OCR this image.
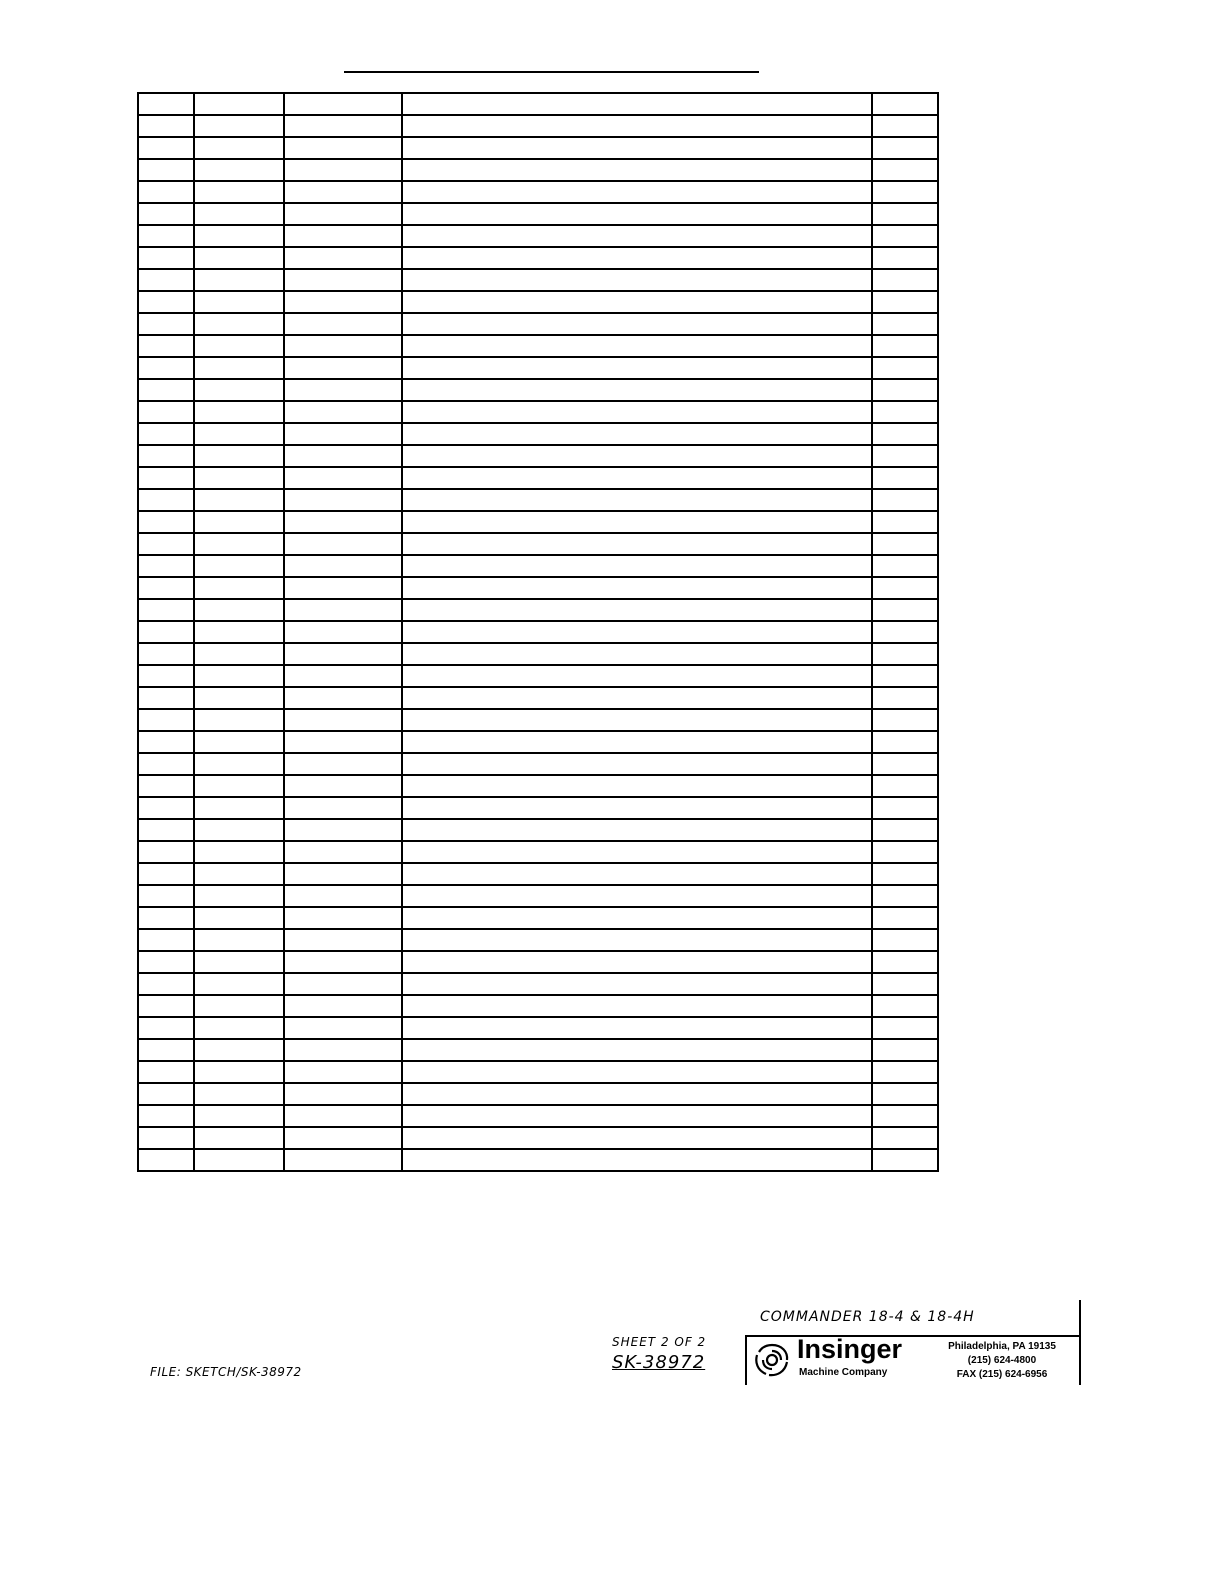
FILE: SKETCH/SK-38972
SHEET 2 OF 2
SK-38972
COMMANDER 18-4 & 18-4H
Insinger
Machine Company
Philadelphia, PA 19135
(215) 624-4800
FAX (215) 624-6956
